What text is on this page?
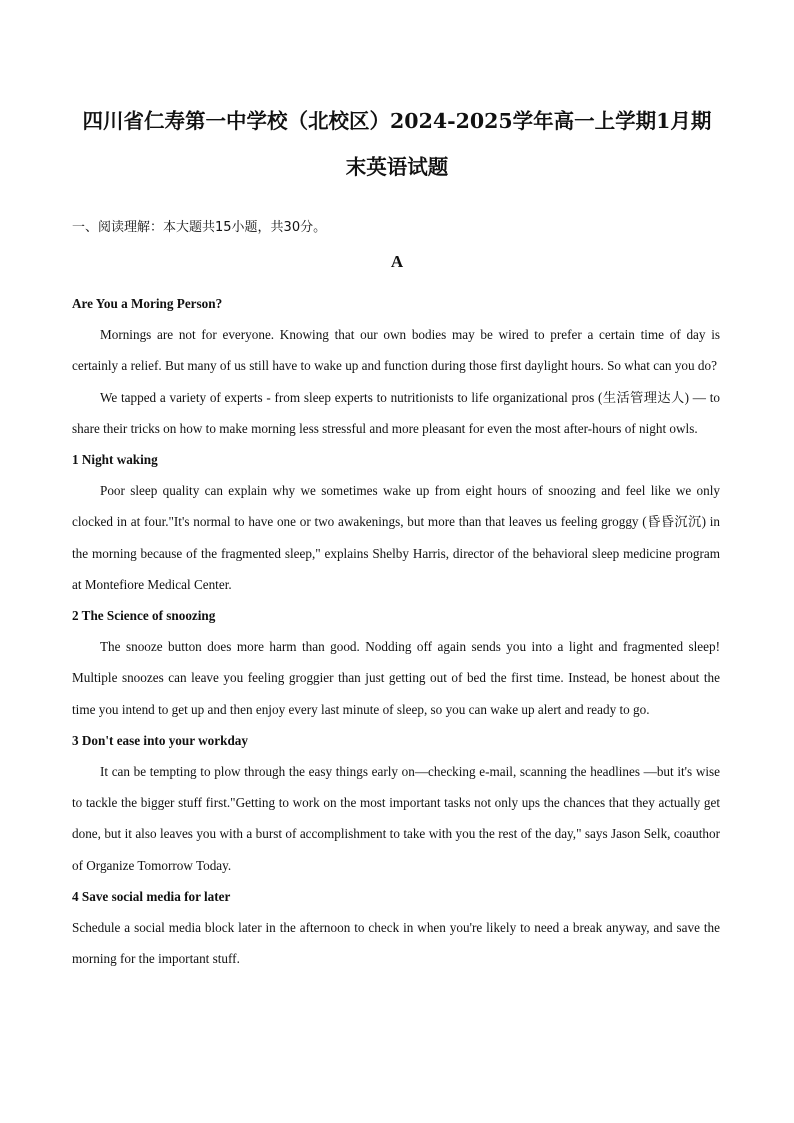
四川省仁寿第一中学校（北校区）2024-2025学年高一上学期1月期
末英语试题
一、阅读理解：本大题共15小题，共30分。
A

Are You a Moring Person?

Mornings are not for everyone. Knowing that our own bodies may be wired to prefer a certain time of day is certainly a relief. But many of us still have to wake up and function during those first daylight hours. So what can you do?

We tapped a variety of experts - from sleep experts to nutritionists to life organizational pros (生活管理达人) — to share their tricks on how to make morning less stressful and more pleasant for even the most after-hours of night owls.

1 Night waking

Poor sleep quality can explain why we sometimes wake up from eight hours of snoozing and feel like we only clocked in at four."It's normal to have one or two awakenings, but more than that leaves us feeling groggy (昏昏沉沉) in the morning because of the fragmented sleep," explains Shelby Harris, director of the behavioral sleep medicine program at Montefiore Medical Center.

2 The Science of snoozing

The snooze button does more harm than good. Nodding off again sends you into a light and fragmented sleep! Multiple snoozes can leave you feeling groggier than just getting out of bed the first time. Instead, be honest about the time you intend to get up and then enjoy every last minute of sleep, so you can wake up alert and ready to go.

3 Don't ease into your workday

It can be tempting to plow through the easy things early on—checking e-mail, scanning the headlines —but it's wise to tackle the bigger stuff first."Getting to work on the most important tasks not only ups the chances that they actually get done, but it also leaves you with a burst of accomplishment to take with you the rest of the day," says Jason Selk, coauthor of Organize Tomorrow Today.

4 Save social media for later

Schedule a social media block later in the afternoon to check in when you're likely to need a break anyway, and save the morning for the important stuff.
